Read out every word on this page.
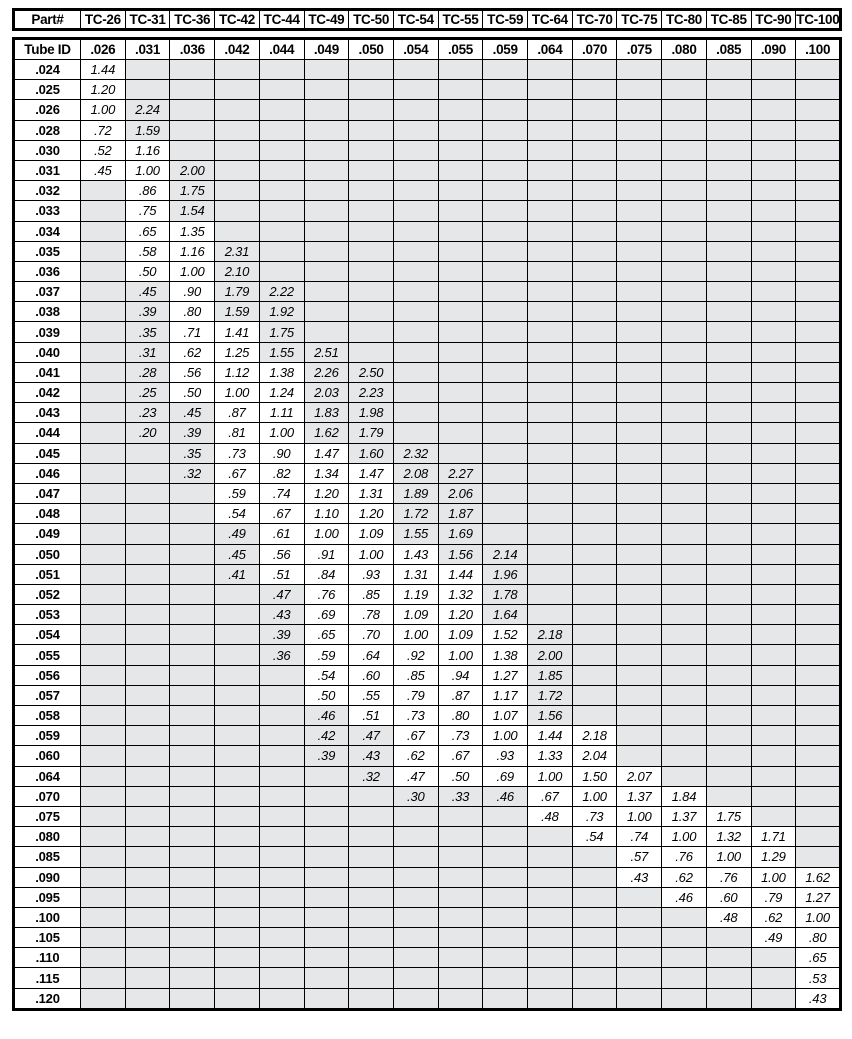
Part#	TC-26	TC-31	TC-36	TC-42	TC-44	TC-49	TC-50	TC-54	TC-55	TC-59	TC-64	TC-70	TC-75	TC-80	TC-85	TC-90	TC-100
Tube ID	.026	.031	.036	.042	.044	.049	.050	.054	.055	.059	.064	.070	.075	.080	.085	.090	.100
.024	1.44																
.025	1.20																
.026	1.00	2.24															
.028	.72	1.59															
.030	.52	1.16															
.031	.45	1.00	2.00														
.032		.86	1.75														
.033		.75	1.54														
.034		.65	1.35														
.035		.58	1.16	2.31													
.036		.50	1.00	2.10													
.037		.45	.90	1.79	2.22												
.038		.39	.80	1.59	1.92												
.039		.35	.71	1.41	1.75												
.040		.31	.62	1.25	1.55	2.51											
.041		.28	.56	1.12	1.38	2.26	2.50										
.042		.25	.50	1.00	1.24	2.03	2.23										
.043		.23	.45	.87	1.11	1.83	1.98										
.044		.20	.39	.81	1.00	1.62	1.79										
.045			.35	.73	.90	1.47	1.60	2.32									
.046			.32	.67	.82	1.34	1.47	2.08	2.27								
.047				.59	.74	1.20	1.31	1.89	2.06								
.048				.54	.67	1.10	1.20	1.72	1.87								
.049				.49	.61	1.00	1.09	1.55	1.69								
.050				.45	.56	.91	1.00	1.43	1.56	2.14							
.051				.41	.51	.84	.93	1.31	1.44	1.96							
.052					.47	.76	.85	1.19	1.32	1.78							
.053					.43	.69	.78	1.09	1.20	1.64							
.054					.39	.65	.70	1.00	1.09	1.52	2.18						
.055					.36	.59	.64	.92	1.00	1.38	2.00						
.056						.54	.60	.85	.94	1.27	1.85						
.057						.50	.55	.79	.87	1.17	1.72						
.058						.46	.51	.73	.80	1.07	1.56						
.059						.42	.47	.67	.73	1.00	1.44	2.18					
.060						.39	.43	.62	.67	.93	1.33	2.04					
.064							.32	.47	.50	.69	1.00	1.50	2.07				
.070								.30	.33	.46	.67	1.00	1.37	1.84			
.075											.48	.73	1.00	1.37	1.75		
.080												.54	.74	1.00	1.32	1.71	
.085													.57	.76	1.00	1.29	
.090													.43	.62	.76	1.00	1.62
.095														.46	.60	.79	1.27
.100															.48	.62	1.00
.105																.49	.80
.110																	.65
.115																	.53
.120																	.43
